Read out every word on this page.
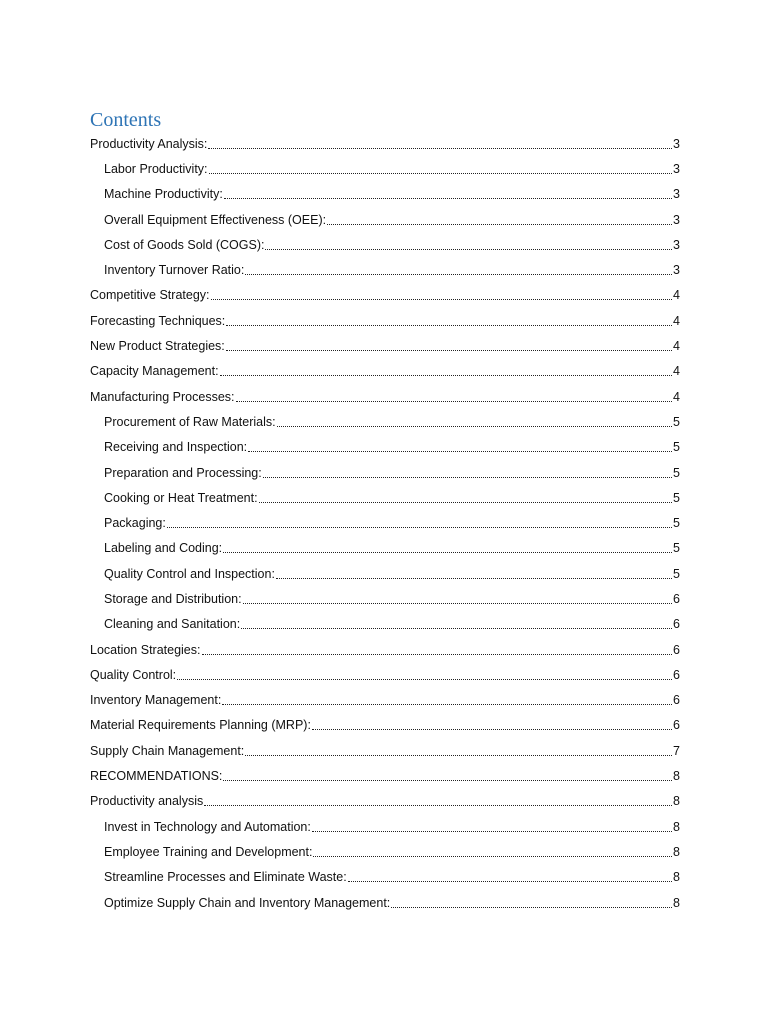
Contents
Productivity Analysis:	3
Labor Productivity:	3
Machine Productivity:	3
Overall Equipment Effectiveness (OEE):	3
Cost of Goods Sold (COGS):	3
Inventory Turnover Ratio:	3
Competitive Strategy:	4
Forecasting Techniques:	4
New Product Strategies:	4
Capacity Management:	4
Manufacturing Processes:	4
Procurement of Raw Materials:	5
Receiving and Inspection:	5
Preparation and Processing:	5
Cooking or Heat Treatment:	5
Packaging:	5
Labeling and Coding:	5
Quality Control and Inspection:	5
Storage and Distribution:	6
Cleaning and Sanitation:	6
Location Strategies:	6
Quality Control:	6
Inventory Management:	6
Material Requirements Planning (MRP):	6
Supply Chain Management:	7
RECOMMENDATIONS:	8
Productivity analysis	8
Invest in Technology and Automation:	8
Employee Training and Development:	8
Streamline Processes and Eliminate Waste:	8
Optimize Supply Chain and Inventory Management:	8
